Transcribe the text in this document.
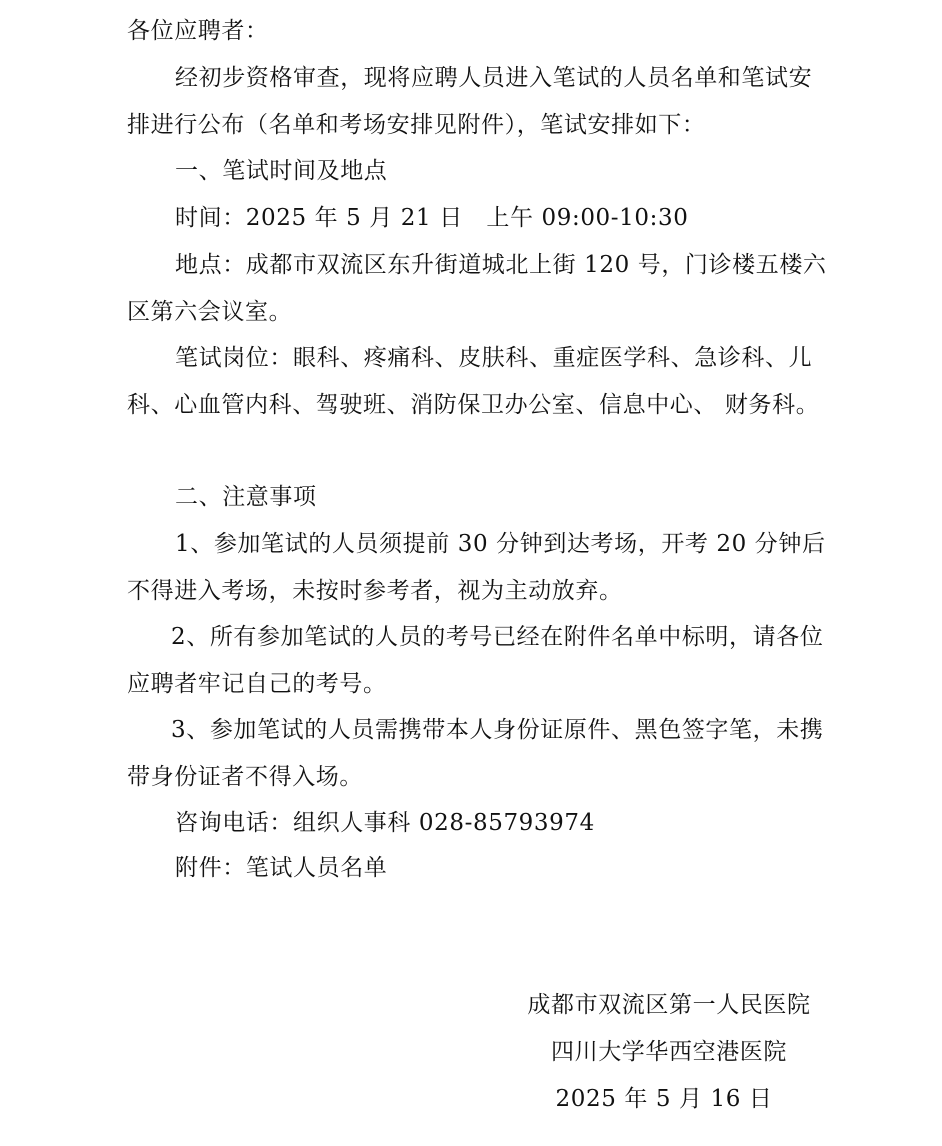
各位应聘者：
经初步资格审查，现将应聘人员进入笔试的人员名单和笔试安排进行公布（名单和考场安排见附件），笔试安排如下：
一、笔试时间及地点
时间：2025 年 5 月 21 日　上午 09:00-10:30
地点：成都市双流区东升街道城北上街 120 号，门诊楼五楼六区第六会议室。
笔试岗位：眼科、疼痛科、皮肤科、重症医学科、急诊科、儿科、心血管内科、驾驶班、消防保卫办公室、信息中心、 财务科。
二、注意事项
1、参加笔试的人员须提前 30 分钟到达考场，开考 20 分钟后不得进入考场，未按时参考者，视为主动放弃。
2、所有参加笔试的人员的考号已经在附件名单中标明，请各位应聘者牢记自己的考号。
3、参加笔试的人员需携带本人身份证原件、黑色签字笔，未携带身份证者不得入场。
咨询电话：组织人事科 028-85793974
附件：笔试人员名单
成都市双流区第一人民医院
四川大学华西空港医院
2025 年 5 月 16 日
